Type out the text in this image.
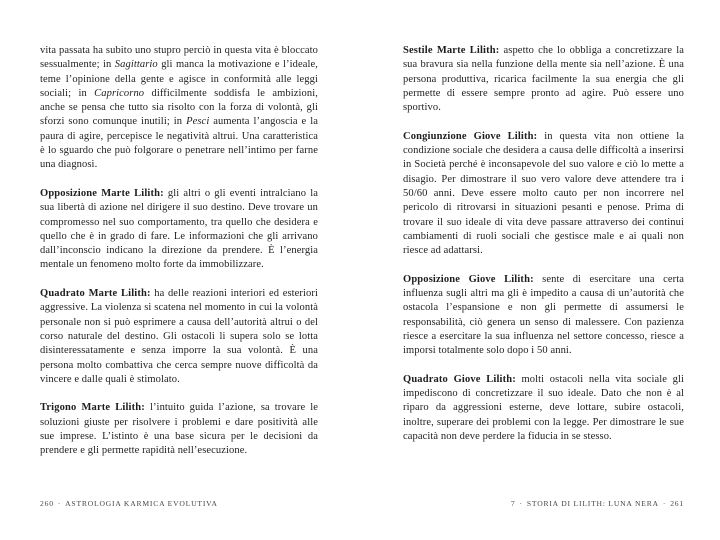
vita passata ha subito uno stupro perciò in questa vita è bloccato sessualmente; in Sagittario gli manca la motivazione e l’ideale, teme l’opinione della gente e agisce in conformità alle leggi sociali; in Capricorno difficilmente soddisfa le ambizioni, anche se pensa che tutto sia risolto con la forza di volontà, gli sforzi sono comunque inutili; in Pesci aumenta l’angoscia e la paura di agire, percepisce le negatività altrui. Una caratteristica è lo sguardo che può folgorare o penetrare nell’intimo per farne una diagnosi.

Opposizione Marte Lilith: gli altri o gli eventi intralciano la sua libertà di azione nel dirigere il suo destino. Deve trovare un compromesso nel suo comportamento, tra quello che desidera e quello che è in grado di fare. Le informazioni che gli arrivano dall’inconscio indicano la direzione da prendere. È l’energia mentale un fenomeno molto forte da immobilizzare.

Quadrato Marte Lilith: ha delle reazioni interiori ed esteriori aggressive. La violenza si scatena nel momento in cui la volontà personale non si può esprimere a causa dell’autorità altrui o del corso naturale del destino. Gli ostacoli li supera solo se lotta disinteressatamente e senza imporre la sua volontà. È una persona molto combattiva che cerca sempre nuove difficoltà da vincere e dalle quali è stimolato.

Trigono Marte Lilith: l’intuito guida l’azione, sa trovare le soluzioni giuste per risolvere i problemi e dare positività alle sue imprese. L’istinto è una base sicura per le decisioni da prendere e gli permette rapidità nell’esecuzione.

260 · ASTROLOGIA KARMICA EVOLUTIVA

Sestile Marte Lilith: aspetto che lo obbliga a concretizzare la sua bravura sia nella funzione della mente sia nell’azione. È una persona produttiva, ricarica facilmente la sua energia che gli permette di essere sempre pronto ad agire. Può essere uno sportivo.

Congiunzione Giove Lilith: in questa vita non ottiene la condizione sociale che desidera a causa delle difficoltà a inserirsi in Società perché è inconsapevole del suo valore e ciò lo mette a disagio. Per dimostrare il suo vero valore deve attendere tra i 50/60 anni. Deve essere molto cauto per non incorrere nel pericolo di ritrovarsi in situazioni pesanti e penose. Prima di trovare il suo ideale di vita deve passare attraverso dei continui cambiamenti di ruoli sociali che gestisce male e ai quali non riesce ad adattarsi.

Opposizione Giove Lilith: sente di esercitare una certa influenza sugli altri ma gli è impedito a causa di un’autorità che ostacola l’espansione e non gli permette di assumersi le responsabilità, ciò genera un senso di malessere. Con pazienza riesce a esercitare la sua influenza nel settore concesso, riesce a imporsi totalmente solo dopo i 50 anni.

Quadrato Giove Lilith: molti ostacoli nella vita sociale gli impediscono di concretizzare il suo ideale. Dato che non è al riparo da aggressioni esterne, deve lottare, subire ostacoli, inoltre, superare dei problemi con la legge. Per dimostrare le sue capacità non deve perdere la fiducia in se stesso.

7 · STORIA DI LILITH: LUNA NERA · 261
